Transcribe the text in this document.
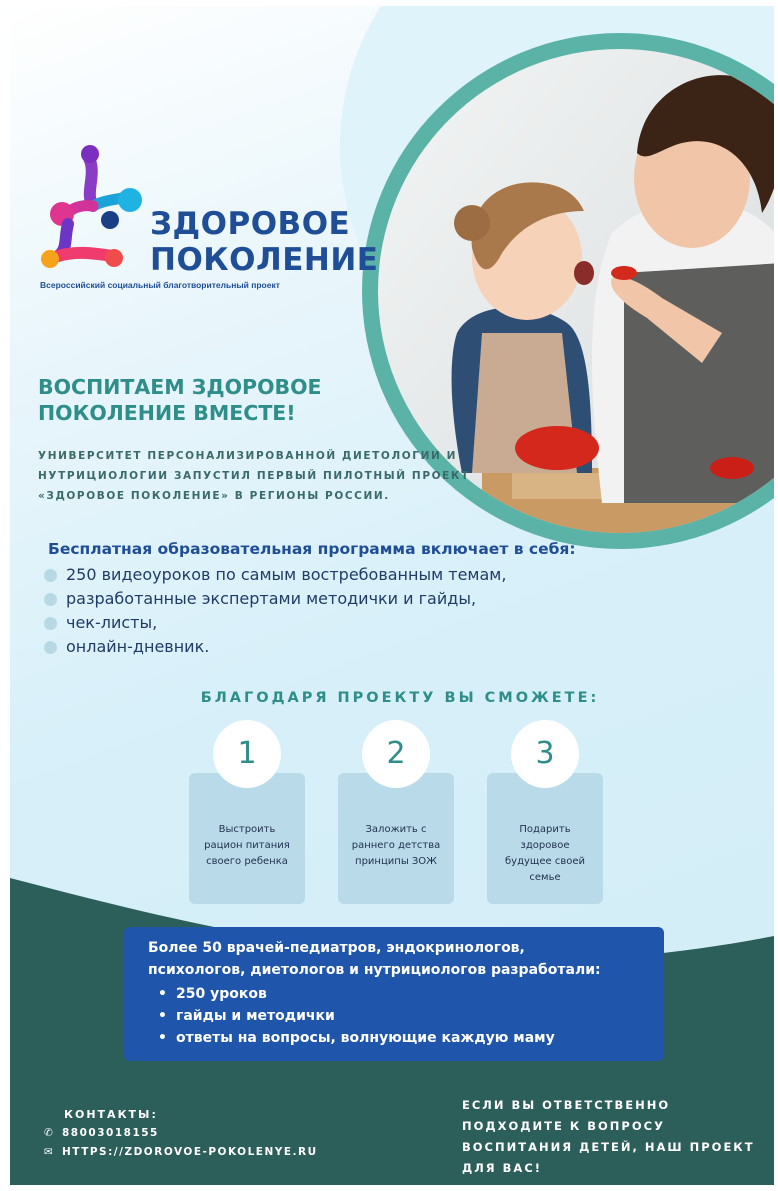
ЗДОРОВОЕ
ПОКОЛЕНИЕ
Всероссийский социальный благотворительный проект
ВОСПИТАЕМ ЗДОРОВОЕ
ПОКОЛЕНИЕ ВМЕСТЕ!
УНИВЕРСИТЕТ ПЕРСОНАЛИЗИРОВАННОЙ ДИЕТОЛОГИИ И
НУТРИЦИОЛОГИИ ЗАПУСТИЛ ПЕРВЫЙ ПИЛОТНЫЙ ПРОЕКТ
«ЗДОРОВОЕ ПОКОЛЕНИЕ» В РЕГИОНЫ РОССИИ.
Бесплатная образовательная программа включает в себя:
250 видеоуроков по самым востребованным темам,
разработанные экспертами методички и гайды,
чек-листы,
онлайн-дневник.
БЛАГОДАРЯ ПРОЕКТУ ВЫ СМОЖЕТЕ:
1
Выстроить
рацион питания
своего ребенка
2
Заложить с
раннего детства
принципы ЗОЖ
3
Подарить
здоровое
будущее своей
семье
Более 50 врачей-педиатров, эндокринологов,
психологов, диетологов и нутрициологов разработали:
• 250 уроков
• гайды и методички
• ответы на вопросы, волнующие каждую маму
КОНТАКТЫ:
✆ 88003018155
✉ HTTPS://ZDOROVOE-POKOLENYE.RU
ЕСЛИ ВЫ ОТВЕТСТВЕННО
ПОДХОДИТЕ К ВОПРОСУ
ВОСПИТАНИЯ ДЕТЕЙ, НАШ ПРОЕКТ
ДЛЯ ВАС!
